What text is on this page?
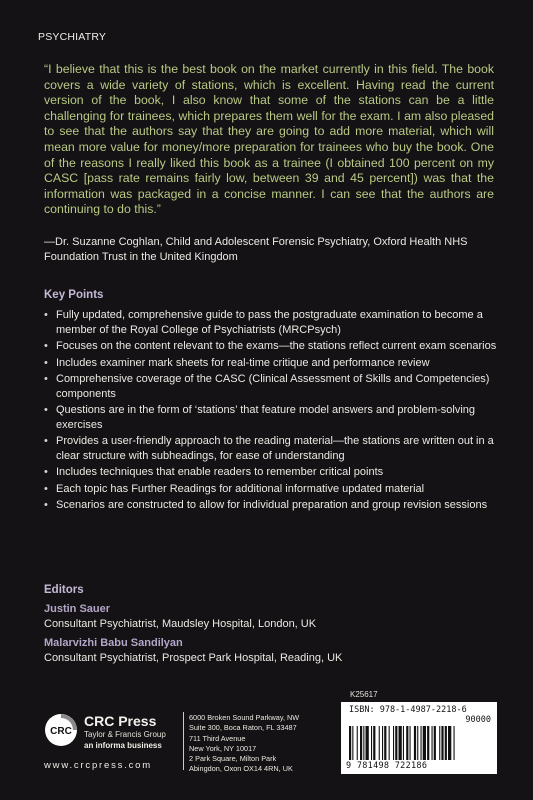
PSYCHIATRY
“I believe that this is the best book on the market currently in this field. The book covers a wide variety of stations, which is excellent. Having read the current version of the book, I also know that some of the stations can be a little challenging for trainees, which prepares them well for the exam. I am also pleased to see that the authors say that they are going to add more material, which will mean more value for money/more preparation for trainees who buy the book. One of the reasons I really liked this book as a trainee (I obtained 100 percent on my CASC [pass rate remains fairly low, between 39 and 45 percent]) was that the information was packaged in a concise manner. I can see that the authors are continuing to do this.”
—Dr. Suzanne Coghlan, Child and Adolescent Forensic Psychiatry, Oxford Health NHS Foundation Trust in the United Kingdom
Key Points
• Fully updated, comprehensive guide to pass the postgraduate examination to become a member of the Royal College of Psychiatrists (MRCPsych)
• Focuses on the content relevant to the exams—the stations reflect current exam scenarios
• Includes examiner mark sheets for real-time critique and performance review
• Comprehensive coverage of the CASC (Clinical Assessment of Skills and Competencies) components
• Questions are in the form of ‘stations’ that feature model answers and problem-solving exercises
• Provides a user-friendly approach to the reading material—the stations are written out in a clear structure with subheadings, for ease of understanding
• Includes techniques that enable readers to remember critical points
• Each topic has Further Readings for additional informative updated material
• Scenarios are constructed to allow for individual preparation and group revision sessions
Editors
Justin Sauer
Consultant Psychiatrist, Maudsley Hospital, London, UK
Malarvizhi Babu Sandilyan
Consultant Psychiatrist, Prospect Park Hospital, Reading, UK
CRC
CRC Press
Taylor & Francis Group
an informa business
www.crcpress.com
6000 Broken Sound Parkway, NW
Suite 300, Boca Raton, FL 33487
711 Third Avenue
New York, NY 10017
2 Park Square, Milton Park
Abingdon, Oxon OX14 4RN, UK
K25617
ISBN: 978-1-4987-2218-6
90000
9 781498 722186
